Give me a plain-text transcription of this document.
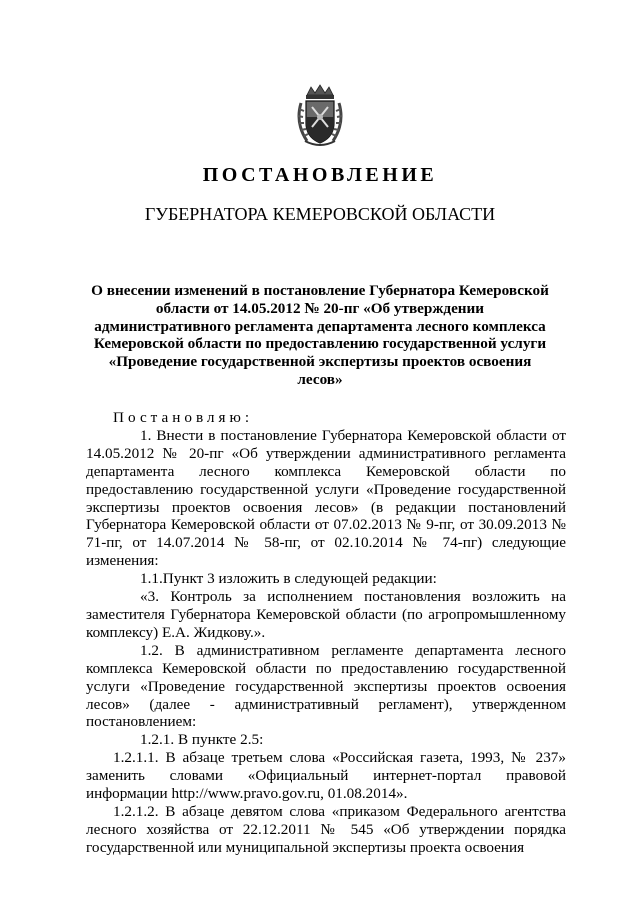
ПОСТАНОВЛЕНИЕ
ГУБЕРНАТОРА КЕМЕРОВСКОЙ ОБЛАСТИ
О внесении изменений в постановление Губернатора Кемеровской области от 14.05.2012 № 20-пг «Об утверждении административного регламента департамента лесного комплекса Кемеровской области по предоставлению государственной услуги «Проведение государственной экспертизы проектов освоения лесов»

Постановляю:

1. Внести в постановление Губернатора Кемеровской области от 14.05.2012 № 20-пг «Об утверждении административного регламента департамента лесного комплекса Кемеровской области по предоставлению государственной услуги «Проведение государственной экспертизы проектов освоения лесов» (в редакции постановлений Губернатора Кемеровской области от 07.02.2013 № 9-пг, от 30.09.2013 № 71-пг, от 14.07.2014 № 58-пг, от 02.10.2014 № 74-пг) следующие изменения:

1.1.Пункт 3 изложить в следующей редакции:

«3. Контроль за исполнением постановления возложить на заместителя Губернатора Кемеровской области (по агропромышленному комплексу) Е.А. Жидкову.».

1.2. В административном регламенте департамента лесного комплекса Кемеровской области по предоставлению государственной услуги «Проведение государственной экспертизы проектов освоения лесов» (далее - административный регламент), утвержденном постановлением:

1.2.1. В пункте 2.5:

1.2.1.1. В абзаце третьем слова «Российская газета, 1993, № 237» заменить словами «Официальный интернет-портал правовой информации http://www.pravo.gov.ru, 01.08.2014».

1.2.1.2. В абзаце девятом слова «приказом Федерального агентства лесного хозяйства от 22.12.2011 № 545 «Об утверждении порядка государственной или муниципальной экспертизы проекта освоения
